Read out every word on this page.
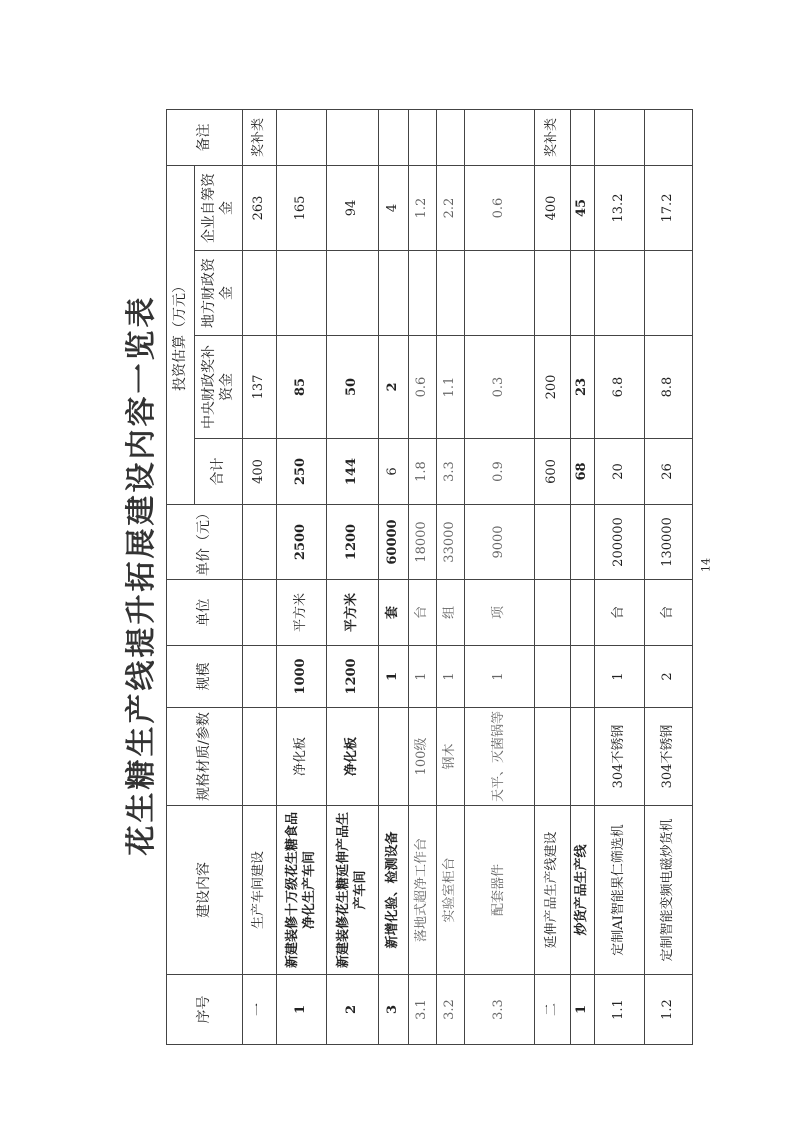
花生糖生产线提升拓展建设内容一览表	14
序号	建设内容	规格材质/参数	规模	单位	单价（元）	投资估算（万元）				备注
						合计	中央财政奖补资金	地方财政资金	企业自筹资金	
一	生产车间建设					400	137		263	奖补类
1	新建装修十万级花生糖食品净化生产车间	净化板	1000	平方米	2500	250	85		165	
2	新建装修花生糖延伸产品生产车间	净化板	1200	平方米	1200	144	50		94	
3	新增化验、检测设备		1	套	60000	6	2		4	
3.1	落地式超净工作台	100级	1	台	18000	1.8	0.6		1.2	
3.2	实验室柜台	钢木	1	组	33000	3.3	1.1		2.2	
3.3	配套器件	天平、灭菌锅等	1	项	9000	0.9	0.3		0.6	
二	延伸产品生产线建设					600	200		400	奖补类
1	炒货产品生产线					68	23		45	
1.1	定制AI智能果仁筛选机	304不锈钢	1	台	200000	20	6.8		13.2	
1.2	定制智能变频电磁炒货机	304不锈钢	2	台	130000	26	8.8		17.2	
